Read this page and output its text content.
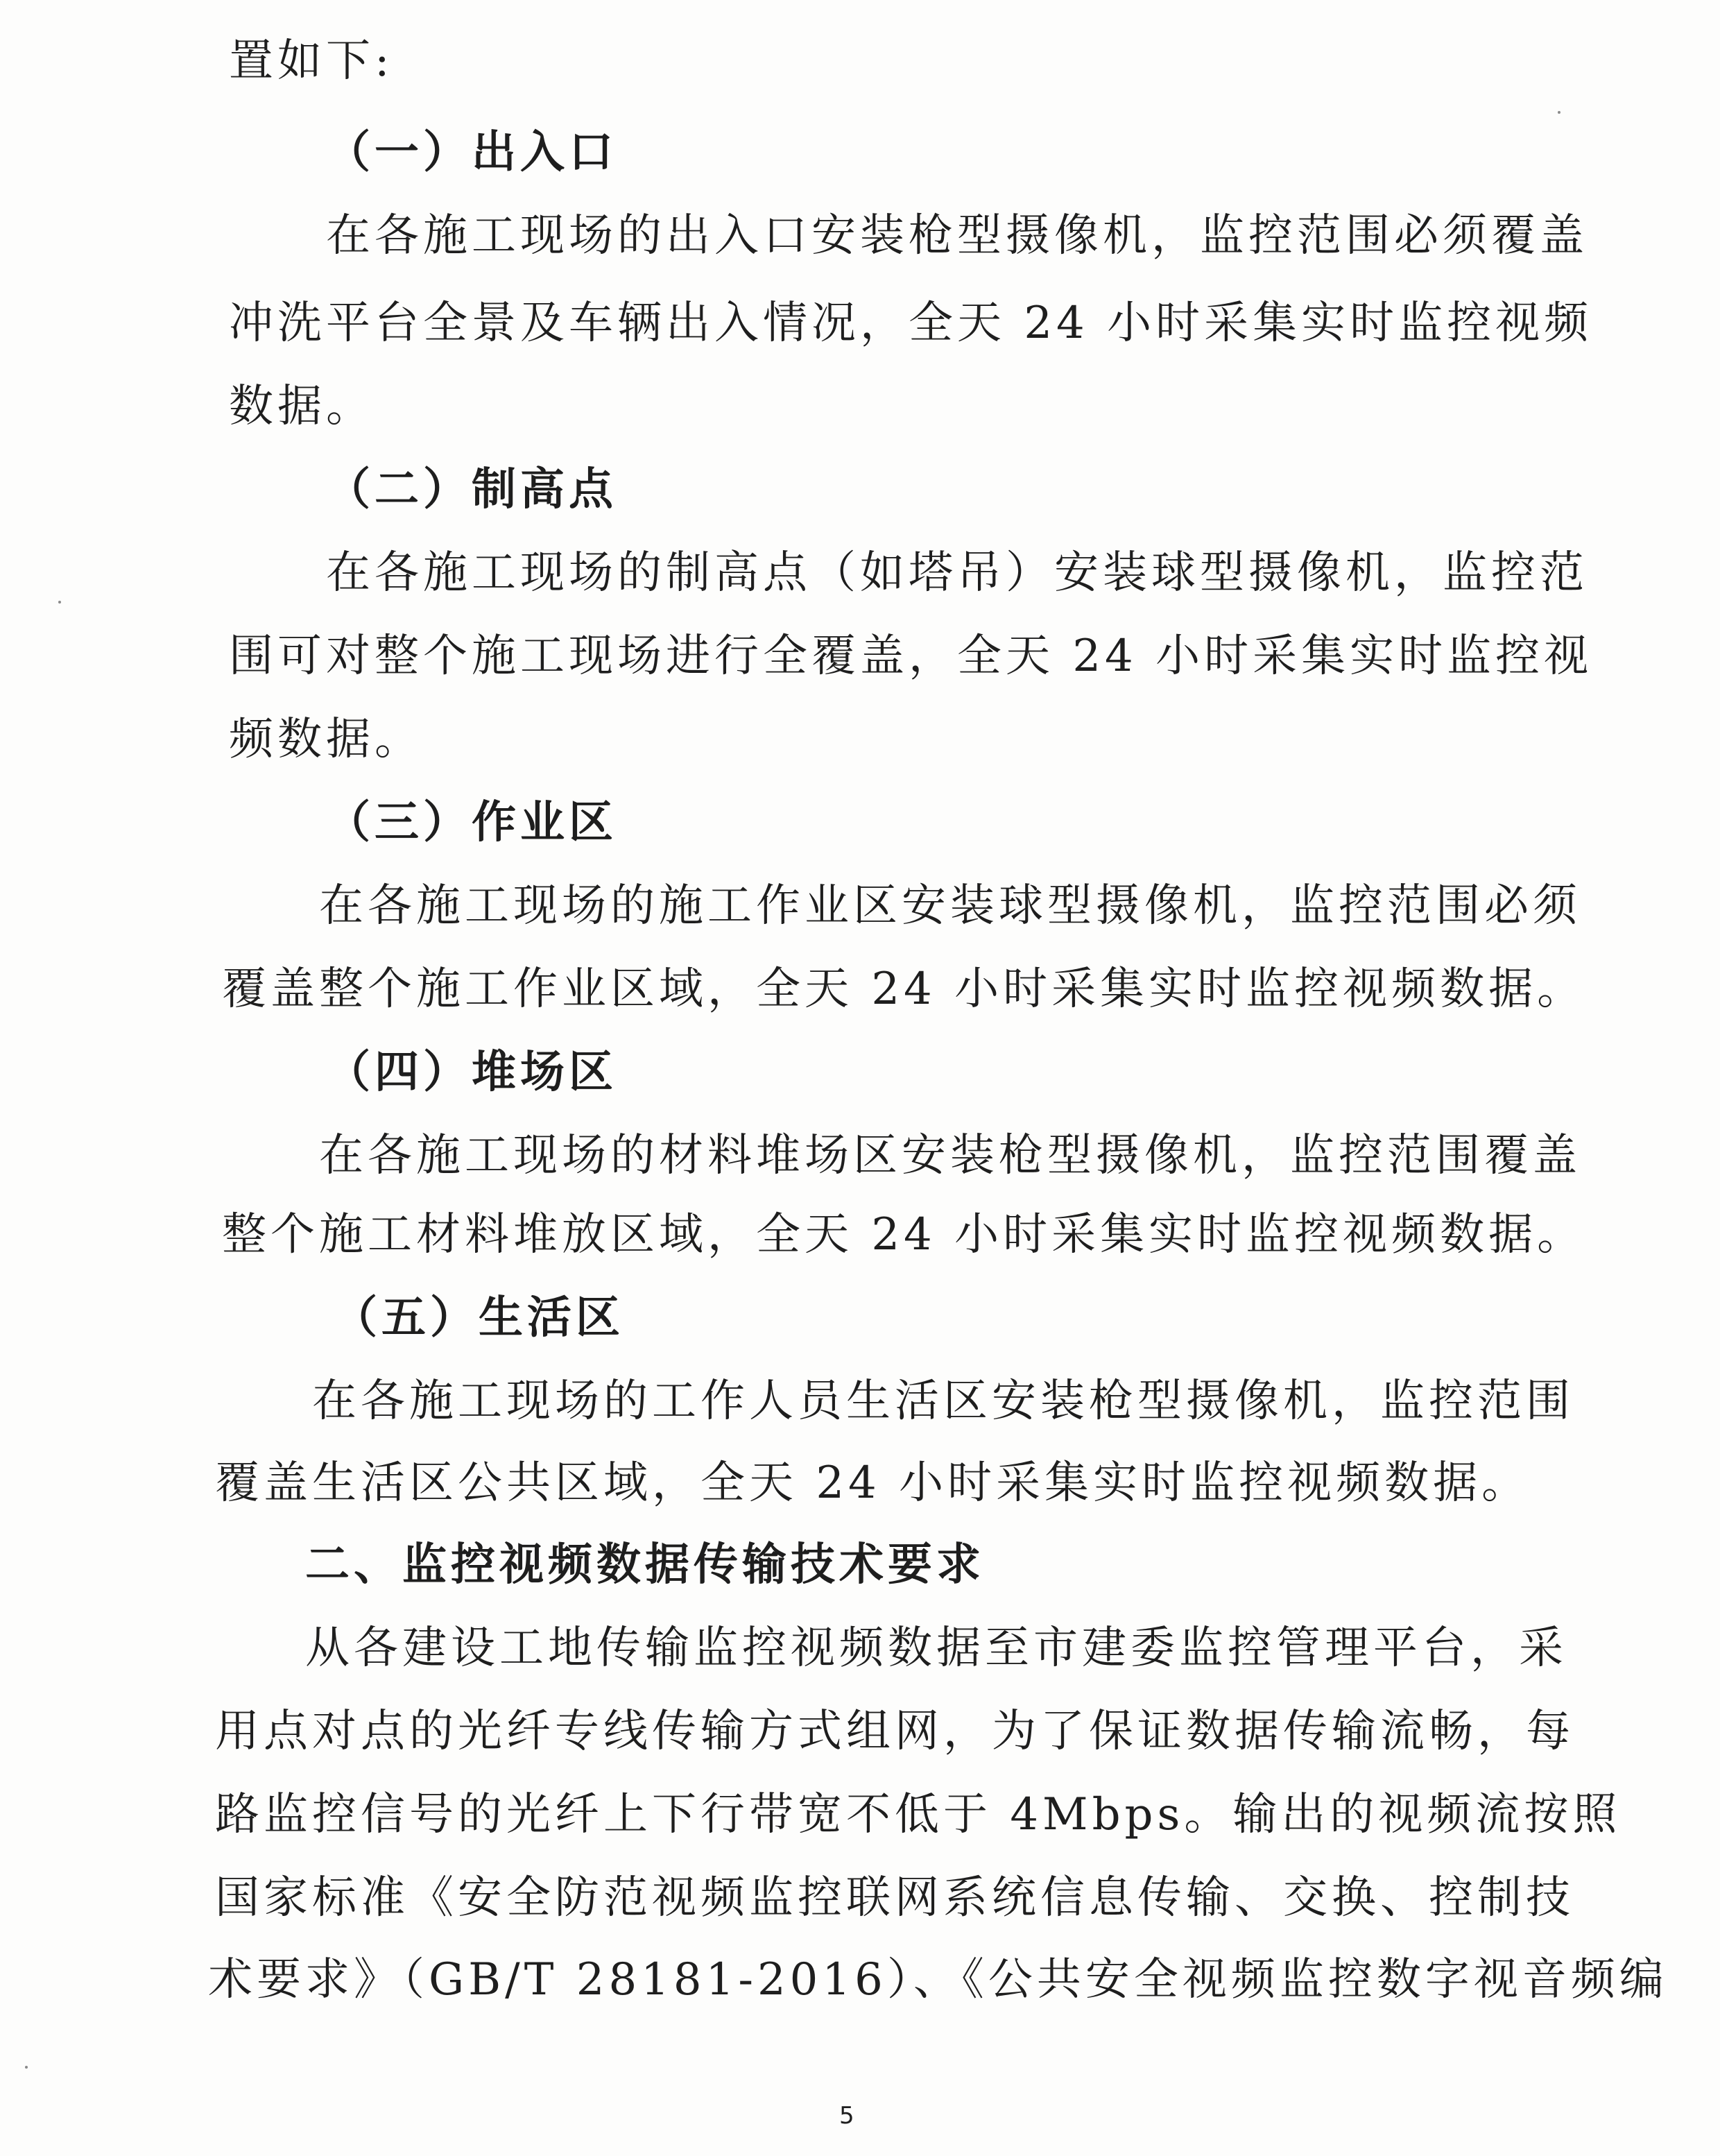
置如下:
（一）出入口
在各施工现场的出入口安装枪型摄像机，监控范围必须覆盖
冲洗平台全景及车辆出入情况，全天 24 小时采集实时监控视频
数据。
（二）制高点
在各施工现场的制高点（如塔吊）安装球型摄像机，监控范
围可对整个施工现场进行全覆盖，全天 24 小时采集实时监控视
频数据。
（三）作业区
在各施工现场的施工作业区安装球型摄像机，监控范围必须
覆盖整个施工作业区域，全天 24 小时采集实时监控视频数据。
（四）堆场区
在各施工现场的材料堆场区安装枪型摄像机，监控范围覆盖
整个施工材料堆放区域，全天 24 小时采集实时监控视频数据。
（五）生活区
在各施工现场的工作人员生活区安装枪型摄像机，监控范围
覆盖生活区公共区域，全天 24 小时采集实时监控视频数据。
二、监控视频数据传输技术要求
从各建设工地传输监控视频数据至市建委监控管理平台，采
用点对点的光纤专线传输方式组网，为了保证数据传输流畅，每
路监控信号的光纤上下行带宽不低于 4Mbps。输出的视频流按照
国家标准《安全防范视频监控联网系统信息传输、交换、控制技
术要求》（GB/T 28181-2016）、《公共安全视频监控数字视音频编
5
